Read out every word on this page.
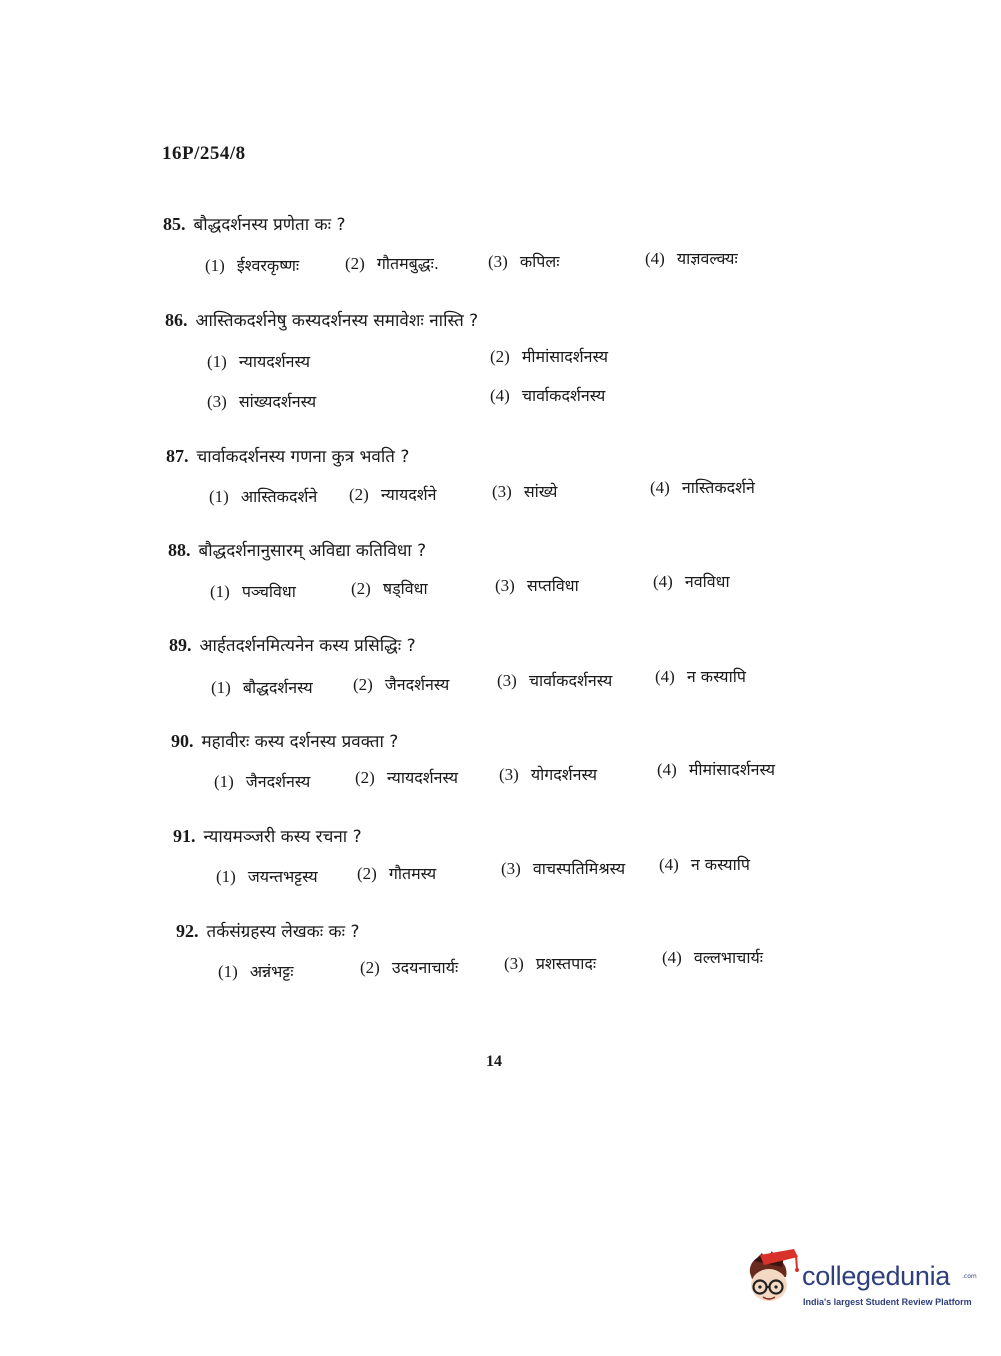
16P/254/8
85. बौद्धदर्शनस्य प्रणेता कः ?
(1) ईश्वरकृष्णः	(2) गौतमबुद्धः.	(3) कपिलः	(4) याज्ञवल्क्यः
86. आस्तिकदर्शनेषु कस्यदर्शनस्य समावेशः नास्ति ?
(1) न्यायदर्शनस्य	(2) मीमांसादर्शनस्य
(3) सांख्यदर्शनस्य	(4) चार्वाकदर्शनस्य
87. चार्वाकदर्शनस्य गणना कुत्र भवति ?
(1) आस्तिकदर्शने (2) न्यायदर्शने	(3) सांख्ये	(4) नास्तिकदर्शने
88. बौद्धदर्शनानुसारम् अविद्या कतिविधा ?
(1) पञ्चविधा	(2) षड्विधा	(3) सप्तविधा	(4) नवविधा
89. आर्हतदर्शनमित्यनेन कस्य प्रसिद्धिः ?
(1) बौद्धदर्शनस्य (2) जैनदर्शनस्य	(3) चार्वाकदर्शनस्य	(4) न कस्यापि
90. महावीरः कस्य दर्शनस्य प्रवक्ता ?
(1) जैनदर्शनस्य	(2) न्यायदर्शनस्य (3) योगदर्शनस्य	(4) मीमांसादर्शनस्य
91. न्यायमञ्जरी कस्य रचना ?
(1) जयन्तभट्टस्य (2) गौतमस्य	(3) वाचस्पतिमिश्रस्य (4) न कस्यापि
92. तर्कसंग्रहस्य लेखकः कः ?
(1) अन्नंभट्टः	(2) उदयनाचार्यः	(3) प्रशस्तपादः	(4) वल्लभाचार्यः
14
collegedunia .com
India's largest Student Review Platform
